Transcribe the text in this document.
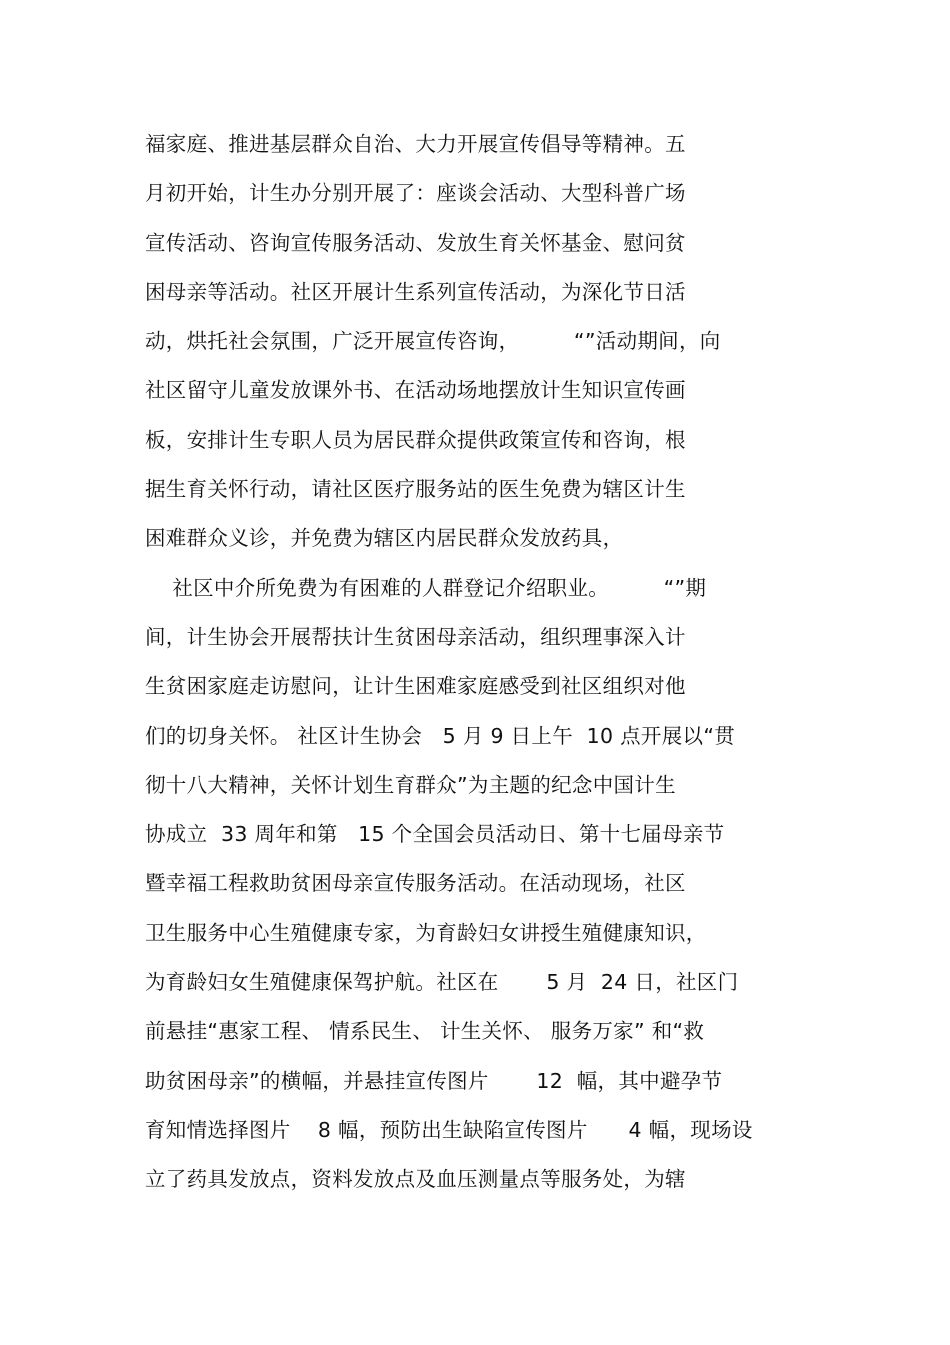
福家庭、推进基层群众自治、大力开展宣传倡导等精神。五
月初开始，计生办分别开展了：座谈会活动、大型科普广场
宣传活动、咨询宣传服务活动、发放生育关怀基金、慰问贫
困母亲等活动。社区开展计生系列宣传活动，为深化节日活
动，烘托社会氛围，广泛开展宣传咨询，        “”活动期间，向
社区留守儿童发放课外书、在活动场地摆放计生知识宣传画
板，安排计生专职人员为居民群众提供政策宣传和咨询，根
据生育关怀行动，请社区医疗服务站的医生免费为辖区计生
困难群众义诊，并免费为辖区内居民群众发放药具，
社区中介所免费为有困难的人群登记介绍职业。        “”期
间，计生协会开展帮扶计生贫困母亲活动，组织理事深入计
生贫困家庭走访慰问，让计生困难家庭感受到社区组织对他
们的切身关怀。 社区计生协会   5 月 9 日上午  10 点开展以“贯
彻十八大精神，关怀计划生育群众”为主题的纪念中国计生
协成立  33 周年和第   15 个全国会员活动日、第十七届母亲节
暨幸福工程救助贫困母亲宣传服务活动。在活动现场，社区
卫生服务中心生殖健康专家，为育龄妇女讲授生殖健康知识，
为育龄妇女生殖健康保驾护航。社区在       5 月  24 日，社区门
前悬挂“惠家工程、 情系民生、 计生关怀、 服务万家” 和“救
助贫困母亲”的横幅，并悬挂宣传图片       12  幅，其中避孕节
育知情选择图片    8 幅，预防出生缺陷宣传图片      4 幅，现场设
立了药具发放点，资料发放点及血压测量点等服务处，为辖
